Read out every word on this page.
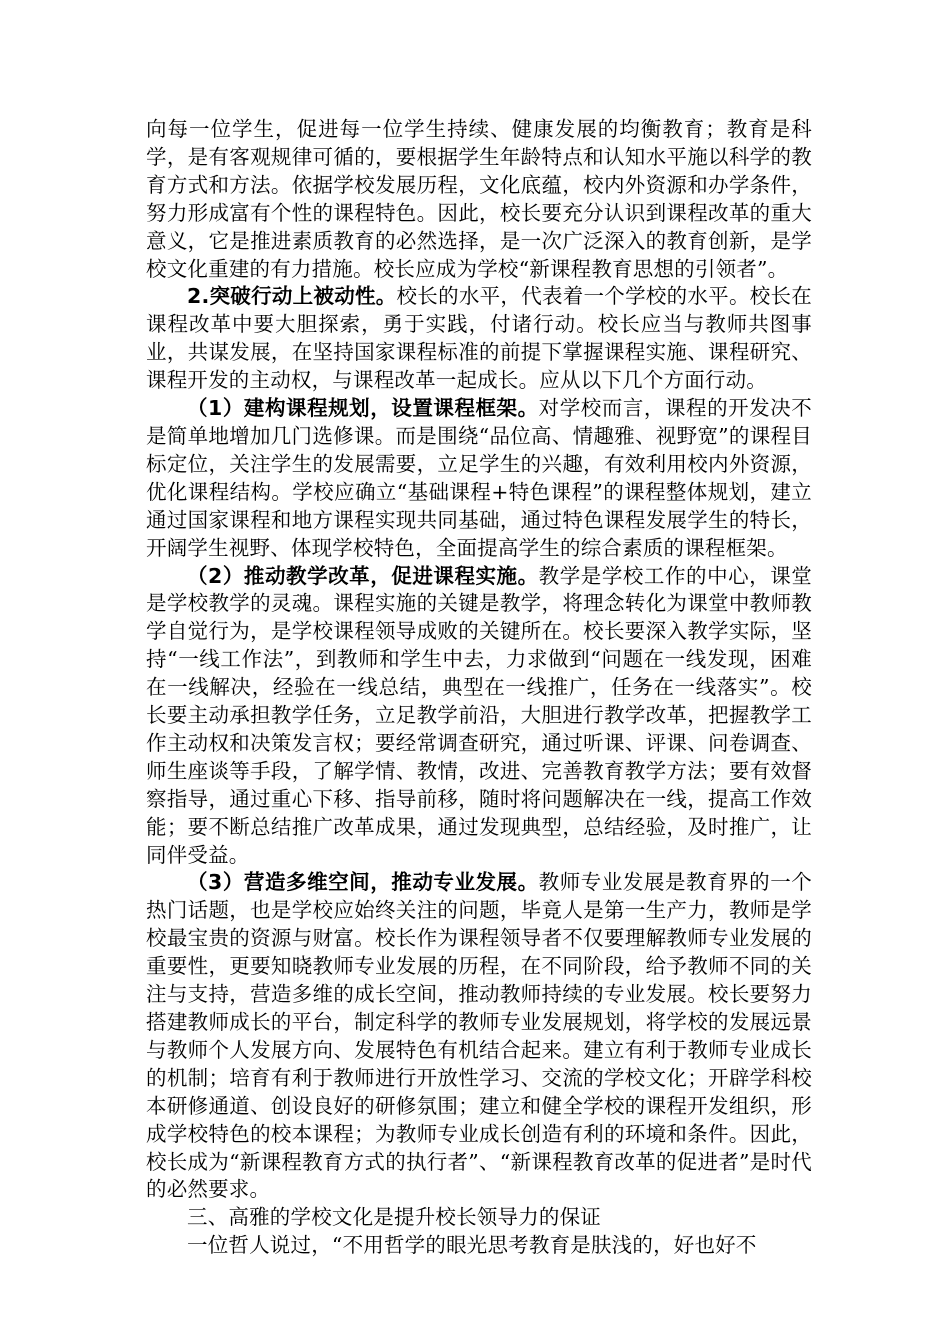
向每一位学生，促进每一位学生持续、健康发展的均衡教育；教育是科学，是有客观规律可循的，要根据学生年龄特点和认知水平施以科学的教育方式和方法。依据学校发展历程，文化底蕴，校内外资源和办学条件，努力形成富有个性的课程特色。因此，校长要充分认识到课程改革的重大意义，它是推进素质教育的必然选择，是一次广泛深入的教育创新，是学校文化重建的有力措施。校长应成为学校“新课程教育思想的引领者”。

2.突破行动上被动性。校长的水平，代表着一个学校的水平。校长在课程改革中要大胆探索，勇于实践，付诸行动。校长应当与教师共图事业，共谋发展，在坚持国家课程标准的前提下掌握课程实施、课程研究、课程开发的主动权，与课程改革一起成长。应从以下几个方面行动。

（1）建构课程规划，设置课程框架。对学校而言，课程的开发决不是简单地增加几门选修课。而是围绕“品位高、情趣雅、视野宽”的课程目标定位，关注学生的发展需要，立足学生的兴趣，有效利用校内外资源，优化课程结构。学校应确立“基础课程+特色课程”的课程整体规划，建立通过国家课程和地方课程实现共同基础，通过特色课程发展学生的特长，开阔学生视野、体现学校特色，全面提高学生的综合素质的课程框架。

（2）推动教学改革，促进课程实施。教学是学校工作的中心，课堂是学校教学的灵魂。课程实施的关键是教学，将理念转化为课堂中教师教学自觉行为，是学校课程领导成败的关键所在。校长要深入教学实际，坚持“一线工作法”，到教师和学生中去，力求做到“问题在一线发现，困难在一线解决，经验在一线总结，典型在一线推广，任务在一线落实”。校长要主动承担教学任务，立足教学前沿，大胆进行教学改革，把握教学工作主动权和决策发言权；要经常调查研究，通过听课、评课、问卷调查、师生座谈等手段，了解学情、教情，改进、完善教育教学方法；要有效督察指导，通过重心下移、指导前移，随时将问题解决在一线，提高工作效能；要不断总结推广改革成果，通过发现典型，总结经验，及时推广，让同伴受益。

（3）营造多维空间，推动专业发展。教师专业发展是教育界的一个热门话题，也是学校应始终关注的问题，毕竟人是第一生产力，教师是学校最宝贵的资源与财富。校长作为课程领导者不仅要理解教师专业发展的重要性，更要知晓教师专业发展的历程，在不同阶段，给予教师不同的关注与支持，营造多维的成长空间，推动教师持续的专业发展。校长要努力搭建教师成长的平台，制定科学的教师专业发展规划，将学校的发展远景与教师个人发展方向、发展特色有机结合起来。建立有利于教师专业成长的机制；培育有利于教师进行开放性学习、交流的学校文化；开辟学科校本研修通道、创设良好的研修氛围；建立和健全学校的课程开发组织，形成学校特色的校本课程；为教师专业成长创造有利的环境和条件。因此，校长成为“新课程教育方式的执行者”、“新课程教育改革的促进者”是时代的必然要求。

三、高雅的学校文化是提升校长领导力的保证

一位哲人说过，“不用哲学的眼光思考教育是肤浅的，好也好不
